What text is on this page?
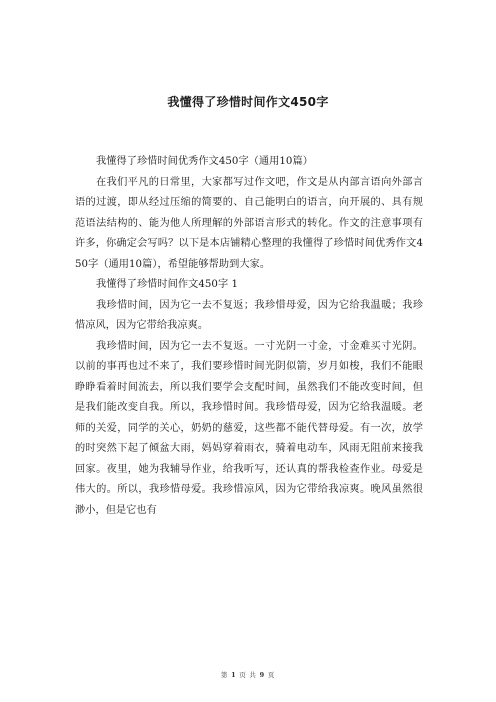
我懂得了珍惜时间作文450字

我懂得了珍惜时间优秀作文450字（通用10篇）

在我们平凡的日常里，大家都写过作文吧，作文是从内部言语向外部言语的过渡，即从经过压缩的简要的、自己能明白的语言，向开展的、具有规范语法结构的、能为他人所理解的外部语言形式的转化。作文的注意事项有许多，你确定会写吗？以下是本店铺精心整理的我懂得了珍惜时间优秀作文450字（通用10篇），希望能够帮助到大家。

我懂得了珍惜时间作文450字 1

我珍惜时间，因为它一去不复返；我珍惜母爱，因为它给我温暖；我珍惜凉风，因为它带给我凉爽。

我珍惜时间，因为它一去不复返。一寸光阴一寸金，寸金难买寸光阴。以前的事再也过不来了，我们要珍惜时间光阴似箭，岁月如梭，我们不能眼睁睁看着时间流去，所以我们要学会支配时间，虽然我们不能改变时间，但是我们能改变自我。所以，我珍惜时间。我珍惜母爱，因为它给我温暖。老师的关爱，同学的关心，奶奶的慈爱，这些都不能代替母爱。有一次，放学的时突然下起了倾盆大雨，妈妈穿着雨衣，骑着电动车，风雨无阻前来接我回家。夜里，她为我辅导作业，给我听写，还认真的帮我检查作业。母爱是伟大的。所以，我珍惜母爱。我珍惜凉风，因为它带给我凉爽。晚风虽然很渺小，但是它也有

第 1 页 共 9 页
